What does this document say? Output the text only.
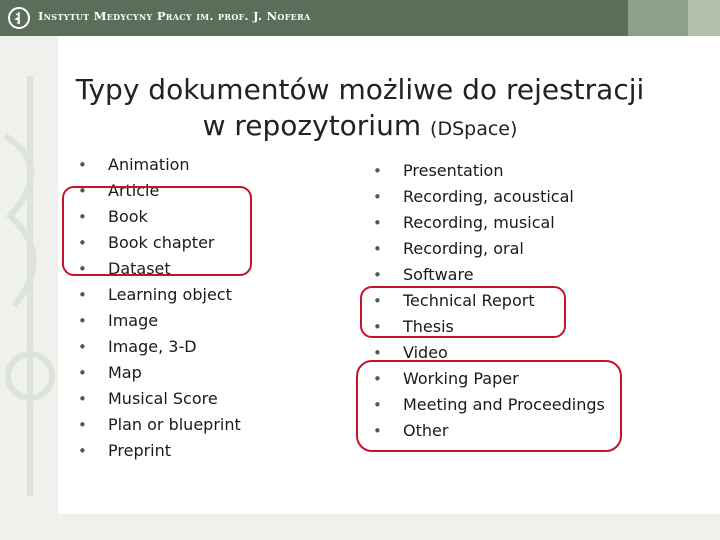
Instytut Medycyny Pracy im. prof. J. Nofera
Typy dokumentów możliwe do rejestracji
w repozytorium (DSpace)
• Animation
• Article
• Book
• Book chapter
• Dataset
• Learning object
• Image
• Image, 3-D
• Map
• Musical Score
• Plan or blueprint
• Preprint
• Presentation
• Recording, acoustical
• Recording, musical
• Recording, oral
• Software
• Technical Report
• Thesis
• Video
• Working Paper
• Meeting and Proceedings
• Other
